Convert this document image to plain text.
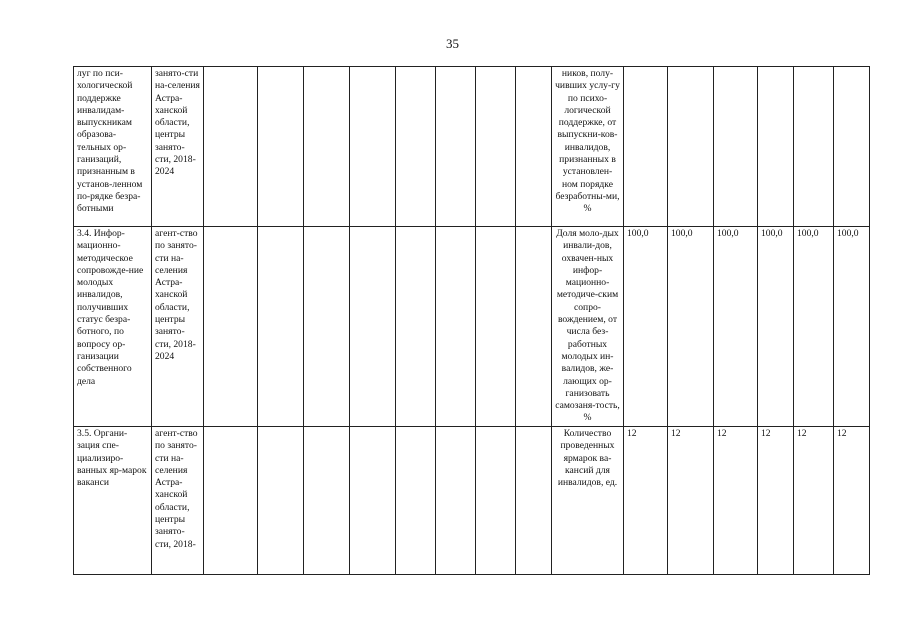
35
луг по пси-хологической поддержке инвалидам-выпускникам образова-тельных ор-ганизаций, признанным в установ-ленном по-рядке безра-ботными	занято-сти на-селения Астра-ханской области, центры занято-сти, 2018-2024									ников, полу-чивших услу-гу по психо-логической поддержке, от выпускни-ков-инвалидов, признанных в установлен-ном порядке безработны-ми, %						
3.4. Инфор-мационно-методическое сопровожде-ние молодых инвалидов, получивших статус безра-ботного, по вопросу ор-ганизации собственного дела	агент-ство по занято-сти на-селения Астра-ханской области, центры занято-сти, 2018-2024									Доля моло-дых инвали-дов, охвачен-ных инфор-мационно-методиче-ским сопро-вождением, от числа без-работных молодых ин-валидов, же-лающих ор-ганизовать самозаня-тость, %	100,0	100,0	100,0	100,0	100,0	100,0
3.5. Органи-зация спе-циализиро-ванных яр-марок ваканси	агент-ство по занято-сти на-селения Астра-ханской области, центры занято-сти, 2018-									Количество проведенных ярмарок ва-кансий для инвалидов, ед.	12	12	12	12	12	12
